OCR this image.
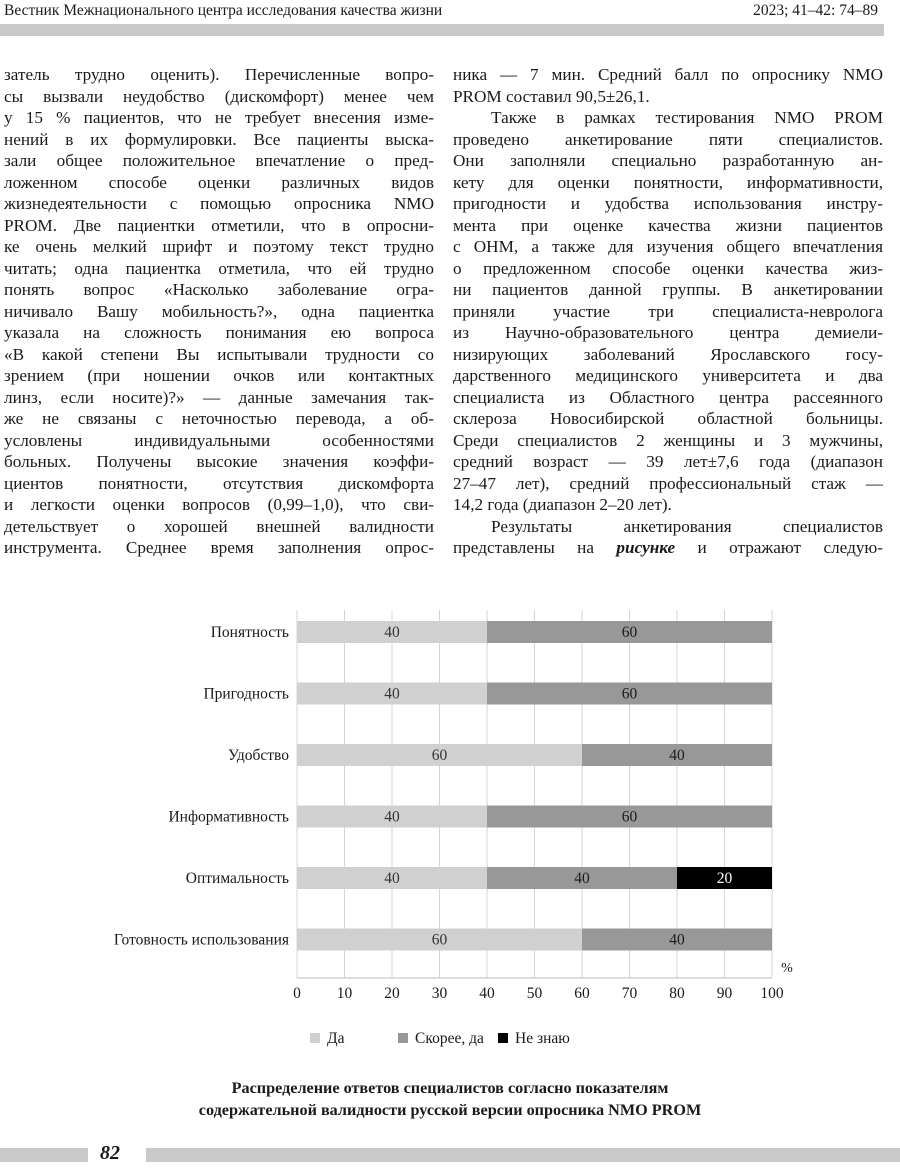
Вестник Межнационального центра исследования качества жизни	2023; 41–42: 74–89
затель трудно оценить). Перечисленные вопро-
сы вызвали неудобство (дискомфорт) менее чем
у 15 % пациентов, что не требует внесения изме-
нений в их формулировки. Все пациенты выска-
зали общее положительное впечатление о пред-
ложенном способе оценки различных видов
жизнедеятельности с помощью опросника NMO
PROM. Две пациентки отметили, что в опросни-
ке очень мелкий шрифт и поэтому текст трудно
читать; одна пациентка отметила, что ей трудно
понять вопрос «Насколько заболевание огра-
ничивало Вашу мобильность?», одна пациентка
указала на сложность понимания ею вопроса
«В какой степени Вы испытывали трудности со
зрением (при ношении очков или контактных
линз, если носите)?» — данные замечания так-
же не связаны с неточностью перевода, а об-
условлены индивидуальными особенностями
больных. Получены высокие значения коэффи-
циентов понятности, отсутствия дискомфорта
и легкости оценки вопросов (0,99–1,0), что сви-
детельствует о хорошей внешней валидности
инструмента. Среднее время заполнения опрос-
ника — 7 мин. Средний балл по опроснику NMO
PROM составил 90,5±26,1.
Также в рамках тестирования NMO PROM
проведено анкетирование пяти специалистов.
Они заполняли специально разработанную ан-
кету для оценки понятности, информативности,
пригодности и удобства использования инстру-
мента при оценке качества жизни пациентов
с ОНМ, а также для изучения общего впечатления
о предложенном способе оценки качества жиз-
ни пациентов данной группы. В анкетировании
приняли участие три специалиста-невролога
из Научно-образовательного центра демиели-
низирующих заболеваний Ярославского госу-
дарственного медицинского университета и два
специалиста из Областного центра рассеянного
склероза Новосибирской областной больницы.
Среди специалистов 2 женщины и 3 мужчины,
средний возраст — 39 лет±7,6 года (диапазон
27–47 лет), средний профессиональный стаж —
14,2 года (диапазон 2–20 лет).
Результаты анкетирования специалистов
представлены на рисунке и отражают следую-
0 10 20 30 40 50 60 70 80 90 100
%
Понятность	40	60
Пригодность	40	60
Удобство	60	40
Информативность	40	60
Оптимальность	40	40	20
Готовность использования	60	40
Да	Скорее, да Не знаю
Распределение ответов специалистов согласно показателям
содержательной валидности русской версии опросника NMO PROM
82
